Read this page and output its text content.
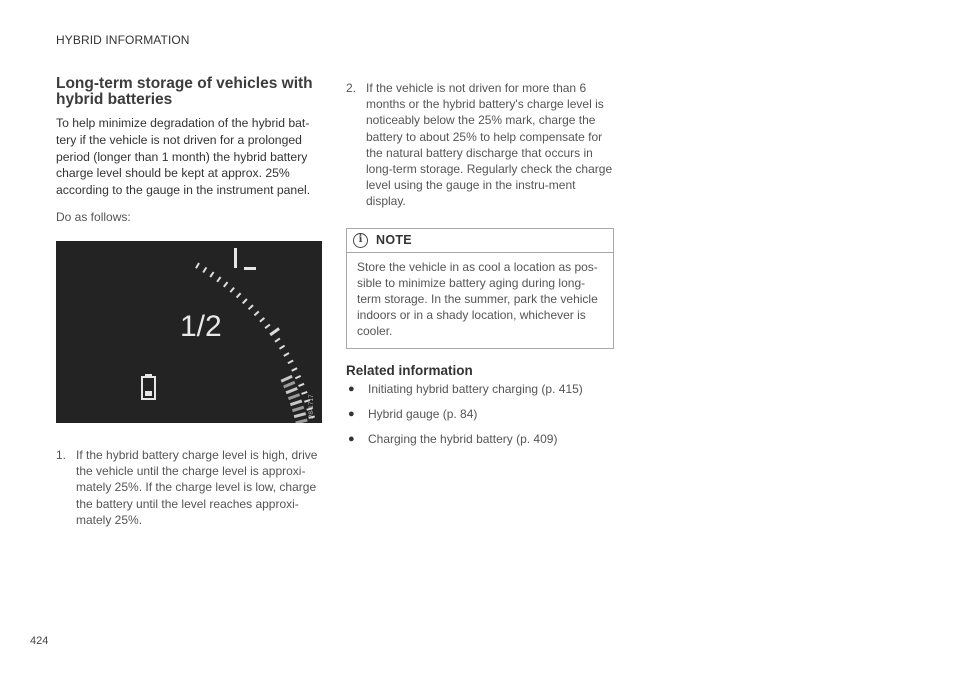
HYBRID INFORMATION
Long-term storage of vehicles with hybrid batteries

To help minimize degradation of the hybrid bat-tery if the vehicle is not driven for a prolonged period (longer than 1 month) the hybrid battery charge level should be kept at approx. 25% according to the gauge in the instrument panel.

Do as follows:

1/2
P8-1717
1. If the hybrid battery charge level is high, drive the vehicle until the charge level is approxi-mately 25%. If the charge level is low, charge the battery until the level reaches approxi-mately 25%.
2. If the vehicle is not driven for more than 6 months or the hybrid battery's charge level is noticeably below the 25% mark, charge the battery to about 25% to help compensate for the natural battery discharge that occurs in long-term storage. Regularly check the charge level using the gauge in the instru-ment display.
i	NOTE
Store the vehicle in as cool a location as pos-sible to minimize battery aging during long-term storage. In the summer, park the vehicle indoors or in a shady location, whichever is cooler.
Related information
● Initiating hybrid battery charging (p. 415)
● Hybrid gauge (p. 84)
● Charging the hybrid battery (p. 409)
424
